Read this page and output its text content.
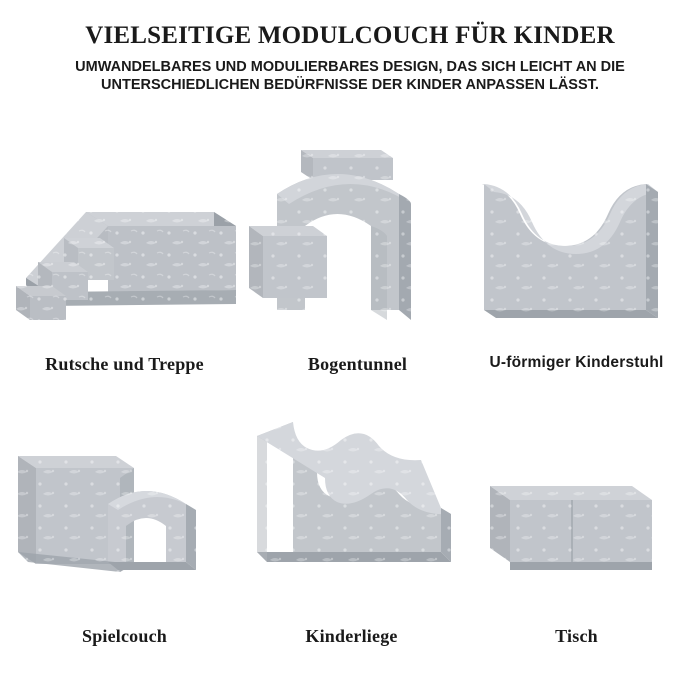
VIELSEITIGE MODULCOUCH FÜR KINDER

UMWANDELBARES UND MODULIERBARES DESIGN, DAS SICH LEICHT AN DIE UNTERSCHIEDLICHEN BEDÜRFNISSE DER KINDER ANPASSEN LÄSST.

Rutsche und Treppe	Bogentunnel	U-förmiger Kinderstuhl
Spielcouch	Kinderliege	Tisch
